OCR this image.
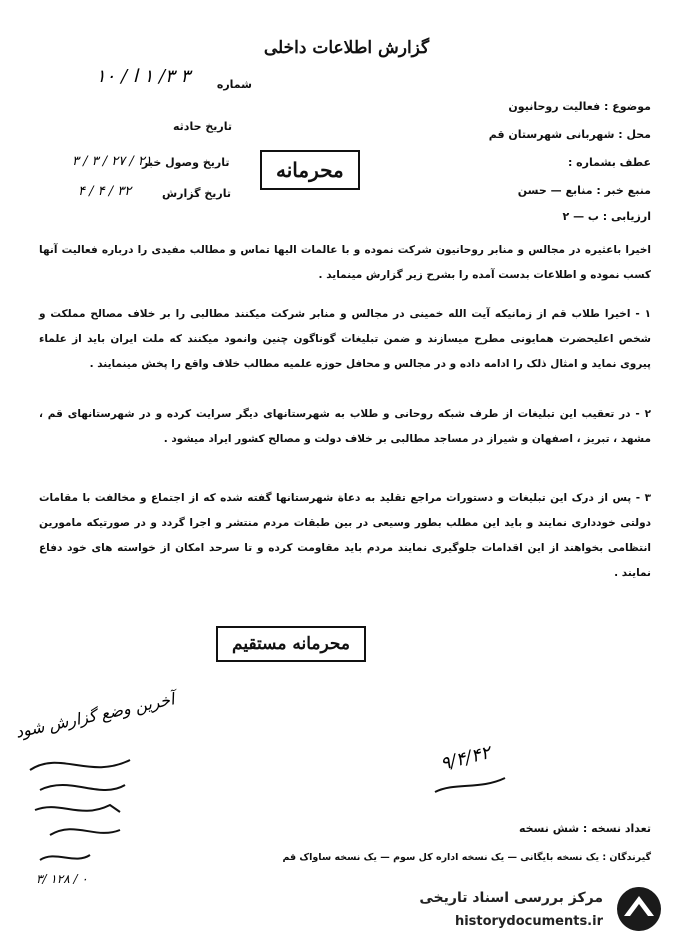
گزارش اطلاعات داخلی
شماره
۳ ۳/ ۱ ا / ۱۰
تاریخ حادثه
تاریخ وصول خبر
۳ / ۳ / ۲۷ / ۲۱
تاریخ گزارش
۴ / ۴ / ۳۲
محرمانه
موضوع : فعالیت روحانیون
محل : شهربانی شهرستان قم
عطف بشماره :
منبع خبر : منابع — حسن
ارزیابی : ب — ۲
اخیرا باعثیره در مجالس و منابر روحانیون شرکت نموده و با عالمات الیها تماس و مطالب مفیدی را درباره فعالیت آنها کسب نموده و اطلاعات بدست آمده را بشرح زیر گزارش مینماید .
۱ - اخیرا طلاب قم از زمانیکه آیت الله خمینی در مجالس و منابر شرکت میکنند مطالبی را بر خلاف مصالح مملکت و شخص اعلیحضرت همایونی مطرح میسازند و ضمن تبلیغات گوناگون چنین وانمود میکنند که ملت ایران باید از علماء پیروی نماید و امثال ذلک را ادامه داده و در مجالس و محافل حوزه علمیه مطالب خلاف واقع را پخش مینمایند .
۲ - در تعقیب این تبلیغات از طرف شبکه روحانی و طلاب به شهرستانهای دیگر سرایت کرده و در شهرستانهای قم ، مشهد ، تبریز ، اصفهان و شیراز در مساجد مطالبی بر خلاف دولت و مصالح کشور ایراد میشود .
۳ - پس از درک این تبلیغات و دستورات مراجع تقلید به دعاة شهرستانها گفته شده که از اجتماع و مخالفت با مقامات دولتی خودداری نمایند و باید این مطلب بطور وسیعی در بین طبقات مردم منتشر و اجرا گردد و در صورتیکه مامورین انتظامی بخواهند از این اقدامات جلوگیری نمایند مردم باید مقاومت کرده و تا سرحد امکان از خواسته های خود دفاع نمایند .
محرمانه مستقیم
آخرین وضع گزارش شود
۹/۴/۴۲
تعداد نسخه : شش نسخه
گیرندگان : یک نسخه بایگانی — یک نسخه اداره کل سوم — یک نسخه ساواک قم
۳/ ۱۲۸ / ۰
مرکز بررسی اسناد تاریخی
historydocuments.ir
